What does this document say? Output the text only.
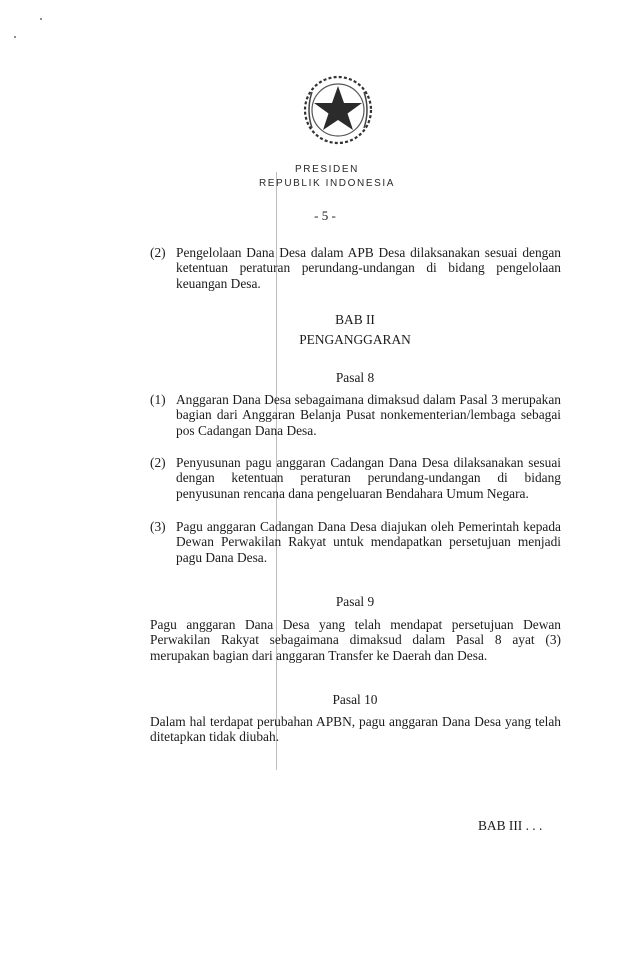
PRESIDEN
REPUBLIK INDONESIA
- 5 -
(2) Pengelolaan Dana Desa dalam APB Desa dilaksanakan sesuai dengan ketentuan peraturan perundang-undangan di bidang pengelolaan keuangan Desa.
BAB II
PENGANGGARAN
Pasal 8
(1) Anggaran Dana Desa sebagaimana dimaksud dalam Pasal 3 merupakan bagian dari Anggaran Belanja Pusat nonkementerian/lembaga sebagai pos Cadangan Dana Desa.
(2) Penyusunan pagu anggaran Cadangan Dana Desa dilaksanakan sesuai dengan ketentuan peraturan perundang-undangan di bidang penyusunan rencana dana pengeluaran Bendahara Umum Negara.
(3) Pagu anggaran Cadangan Dana Desa diajukan oleh Pemerintah kepada Dewan Perwakilan Rakyat untuk mendapatkan persetujuan menjadi pagu Dana Desa.
Pasal 9
Pagu anggaran Dana Desa yang telah mendapat persetujuan Dewan Perwakilan Rakyat sebagaimana dimaksud dalam Pasal 8 ayat (3) merupakan bagian dari anggaran Transfer ke Daerah dan Desa.
Pasal 10
Dalam hal terdapat perubahan APBN, pagu anggaran Dana Desa yang telah ditetapkan tidak diubah.
BAB III . . .
